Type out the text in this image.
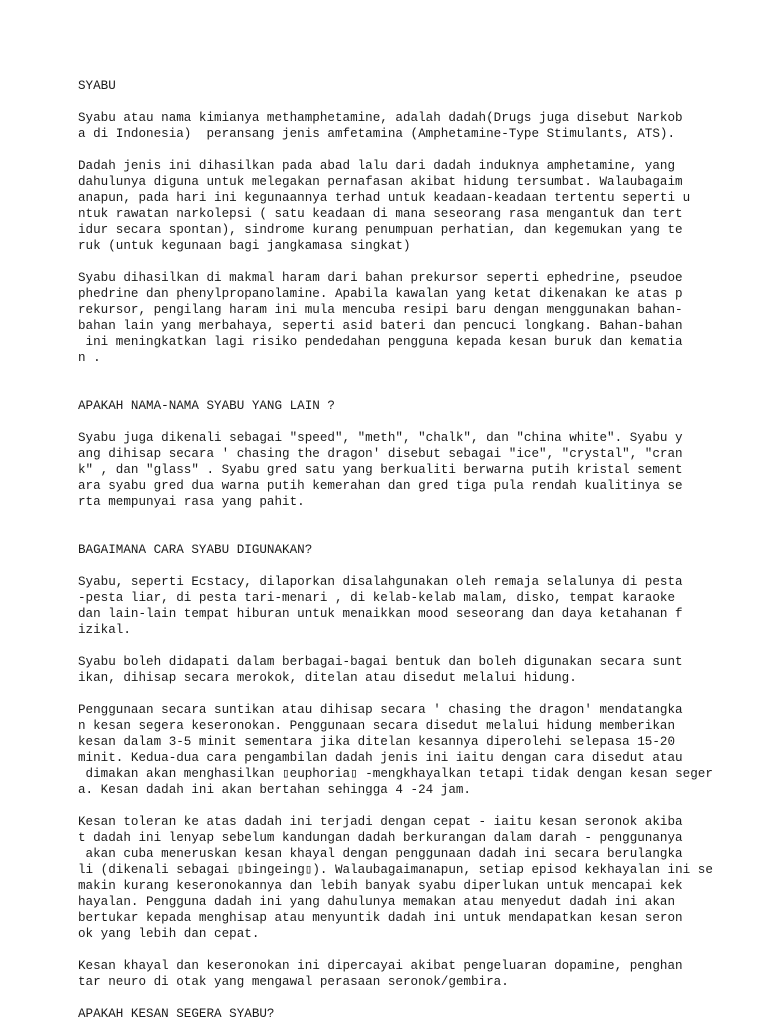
SYABU
Syabu atau nama kimianya methamphetamine, adalah dadah(Drugs juga disebut Narkob
a di Indonesia)  peransang jenis amfetamina (Amphetamine-Type Stimulants, ATS).
Dadah jenis ini dihasilkan pada abad lalu dari dadah induknya amphetamine, yang
dahulunya diguna untuk melegakan pernafasan akibat hidung tersumbat. Walaubagaim
anapun, pada hari ini kegunaannya terhad untuk keadaan-keadaan tertentu seperti u
ntuk rawatan narkolepsi ( satu keadaan di mana seseorang rasa mengantuk dan tert
idur secara spontan), sindrome kurang penumpuan perhatian, dan kegemukan yang te
ruk (untuk kegunaan bagi jangkamasa singkat)
Syabu dihasilkan di makmal haram dari bahan prekursor seperti ephedrine, pseudoe
phedrine dan phenylpropanolamine. Apabila kawalan yang ketat dikenakan ke atas p
rekursor, pengilang haram ini mula mencuba resipi baru dengan menggunakan bahan-
bahan lain yang merbahaya, seperti asid bateri dan pencuci longkang. Bahan-bahan
ini meningkatkan lagi risiko pendedahan pengguna kepada kesan buruk dan kematia
n .
APAKAH NAMA-NAMA SYABU YANG LAIN ?
Syabu juga dikenali sebagai "speed", "meth", "chalk", dan "china white". Syabu y
ang dihisap secara ' chasing the dragon' disebut sebagai "ice", "crystal", "cran
k" , dan "glass" . Syabu gred satu yang berkualiti berwarna putih kristal sement
ara syabu gred dua warna putih kemerahan dan gred tiga pula rendah kualitinya se
rta mempunyai rasa yang pahit.
BAGAIMANA CARA SYABU DIGUNAKAN?
Syabu, seperti Ecstacy, dilaporkan disalahgunakan oleh remaja selalunya di pesta
-pesta liar, di pesta tari-menari , di kelab-kelab malam, disko, tempat karaoke
dan lain-lain tempat hiburan untuk menaikkan mood seseorang dan daya ketahanan f
izikal.
Syabu boleh didapati dalam berbagai-bagai bentuk dan boleh digunakan secara sunt
ikan, dihisap secara merokok, ditelan atau disedut melalui hidung.
Penggunaan secara suntikan atau dihisap secara ' chasing the dragon' mendatangka
n kesan segera keseronokan. Penggunaan secara disedut melalui hidung memberikan
kesan dalam 3-5 minit sementara jika ditelan kesannya diperolehi selepasa 15-20
minit. Kedua-dua cara pengambilan dadah jenis ini iaitu dengan cara disedut atau
dimakan akan menghasilkan ▯euphoria▯ -mengkhayalkan tetapi tidak dengan kesan seger
a. Kesan dadah ini akan bertahan sehingga 4 -24 jam.
Kesan toleran ke atas dadah ini terjadi dengan cepat - iaitu kesan seronok akiba
t dadah ini lenyap sebelum kandungan dadah berkurangan dalam darah - penggunanya
akan cuba meneruskan kesan khayal dengan penggunaan dadah ini secara berulangka
li (dikenali sebagai ▯bingeing▯). Walaubagaimanapun, setiap episod kekhayalan ini se
makin kurang keseronokannya dan lebih banyak syabu diperlukan untuk mencapai kek
hayalan. Pengguna dadah ini yang dahulunya memakan atau menyedut dadah ini akan
bertukar kepada menghisap atau menyuntik dadah ini untuk mendapatkan kesan seron
ok yang lebih dan cepat.
Kesan khayal dan keseronokan ini dipercayai akibat pengeluaran dopamine, penghan
tar neuro di otak yang mengawal perasaan seronok/gembira.
APAKAH KESAN SEGERA SYABU?
